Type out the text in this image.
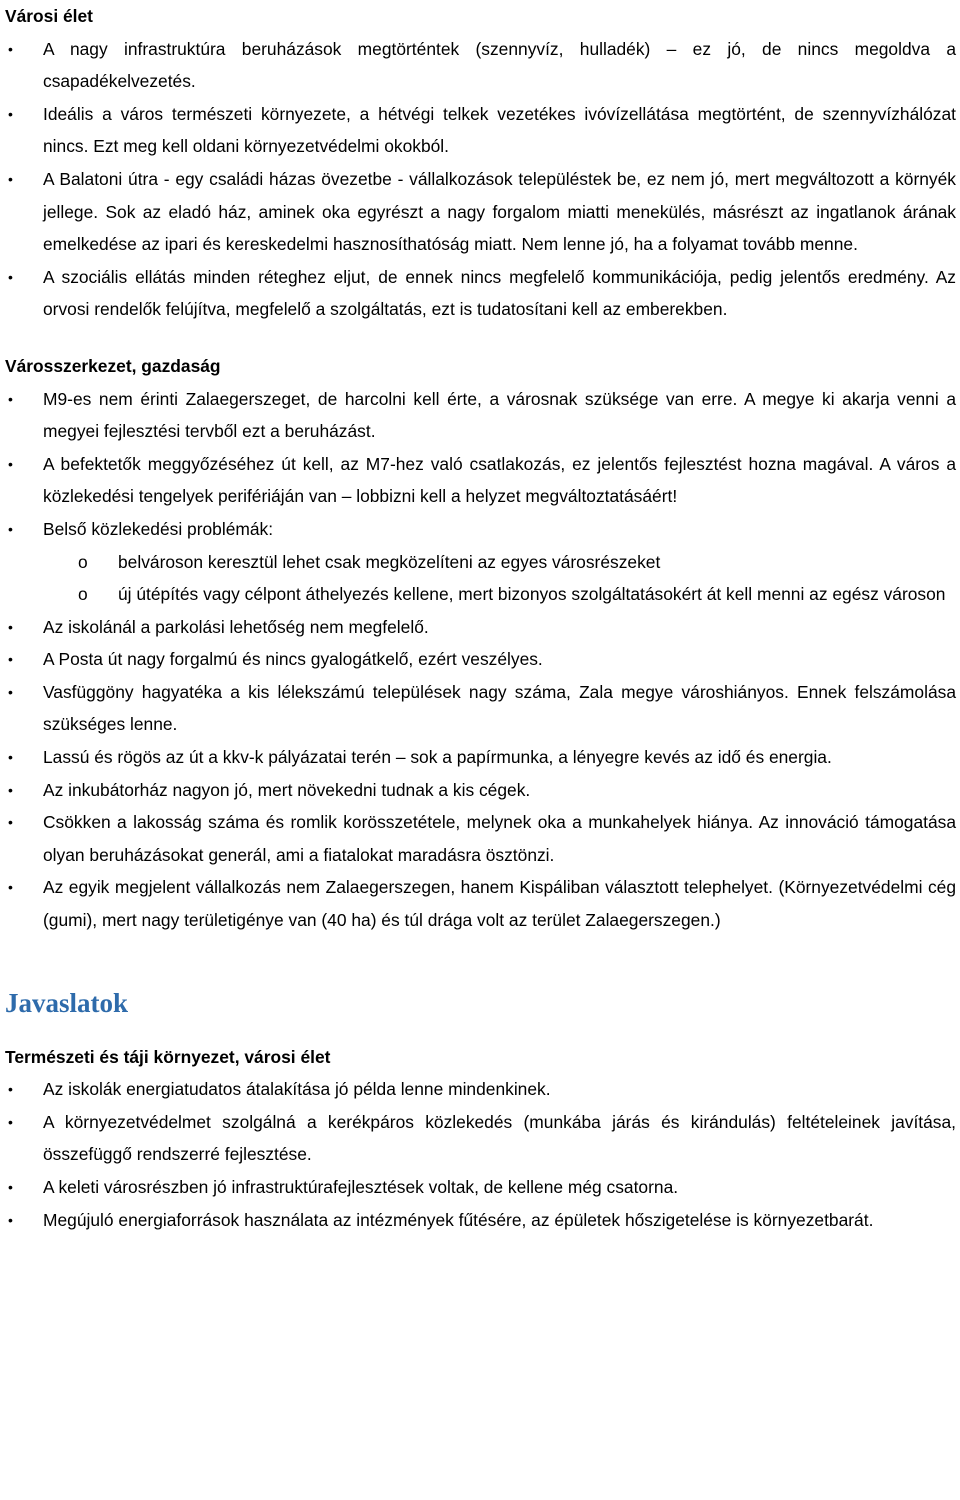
Városi élet

• A nagy infrastruktúra beruházások megtörténtek (szennyvíz, hulladék) – ez jó, de nincs megoldva a csapadékelvezetés.
• Ideális a város természeti környezete, a hétvégi telkek vezetékes ivóvízellátása megtörtént, de szennyvízhálózat nincs. Ezt meg kell oldani környezetvédelmi okokból.
• A Balatoni útra - egy családi házas övezetbe - vállalkozások településtek be, ez nem jó, mert megváltozott a környék jellege. Sok az eladó ház, aminek oka egyrészt a nagy forgalom miatti menekülés, másrészt az ingatlanok árának emelkedése az ipari és kereskedelmi hasznosíthatóság miatt. Nem lenne jó, ha a folyamat tovább menne.
• A szociális ellátás minden réteghez eljut, de ennek nincs megfelelő kommunikációja, pedig jelentős eredmény. Az orvosi rendelők felújítva, megfelelő a szolgáltatás, ezt is tudatosítani kell az emberekben.

Városszerkezet, gazdaság

• M9-es nem érinti Zalaegerszeget, de harcolni kell érte, a városnak szüksége van erre. A megye ki akarja venni a megyei fejlesztési tervből ezt a beruházást.
• A befektetők meggyőzéséhez út kell, az M7-hez való csatlakozás, ez jelentős fejlesztést hozna magával. A város a közlekedési tengelyek perifériáján van – lobbizni kell a helyzet megváltoztatásáért!
• Belső közlekedési problémák:
o belvároson keresztül lehet csak megközelíteni az egyes városrészeket
o új útépítés vagy célpont áthelyezés kellene, mert bizonyos szolgáltatásokért át kell menni az egész városon
• Az iskolánál a parkolási lehetőség nem megfelelő.
• A Posta út nagy forgalmú és nincs gyalogátkelő, ezért veszélyes.
• Vasfüggöny hagyatéka a kis lélekszámú települések nagy száma, Zala megye városhiányos. Ennek felszámolása szükséges lenne.
• Lassú és rögös az út a kkv-k pályázatai terén – sok a papírmunka, a lényegre kevés az idő és energia.
• Az inkubátorház nagyon jó, mert növekedni tudnak a kis cégek.
• Csökken a lakosság száma és romlik korösszetétele, melynek oka a munkahelyek hiánya. Az innováció támogatása olyan beruházásokat generál, ami a fiatalokat maradásra ösztönzi.
• Az egyik megjelent vállalkozás nem Zalaegerszegen, hanem Kispáliban választott telephelyet. (Környezetvédelmi cég (gumi), mert nagy területigénye van (40 ha) és túl drága volt az terület Zalaegerszegen.)

Javaslatok

Természeti és táji környezet, városi élet

• Az iskolák energiatudatos átalakítása jó példa lenne mindenkinek.
• A környezetvédelmet szolgálná a kerékpáros közlekedés (munkába járás és kirándulás) feltételeinek javítása, összefüggő rendszerré fejlesztése.
• A keleti városrészben jó infrastruktúrafejlesztések voltak, de kellene még csatorna.
• Megújuló energiaforrások használata az intézmények fűtésére, az épületek hőszigetelése is környezetbarát.
